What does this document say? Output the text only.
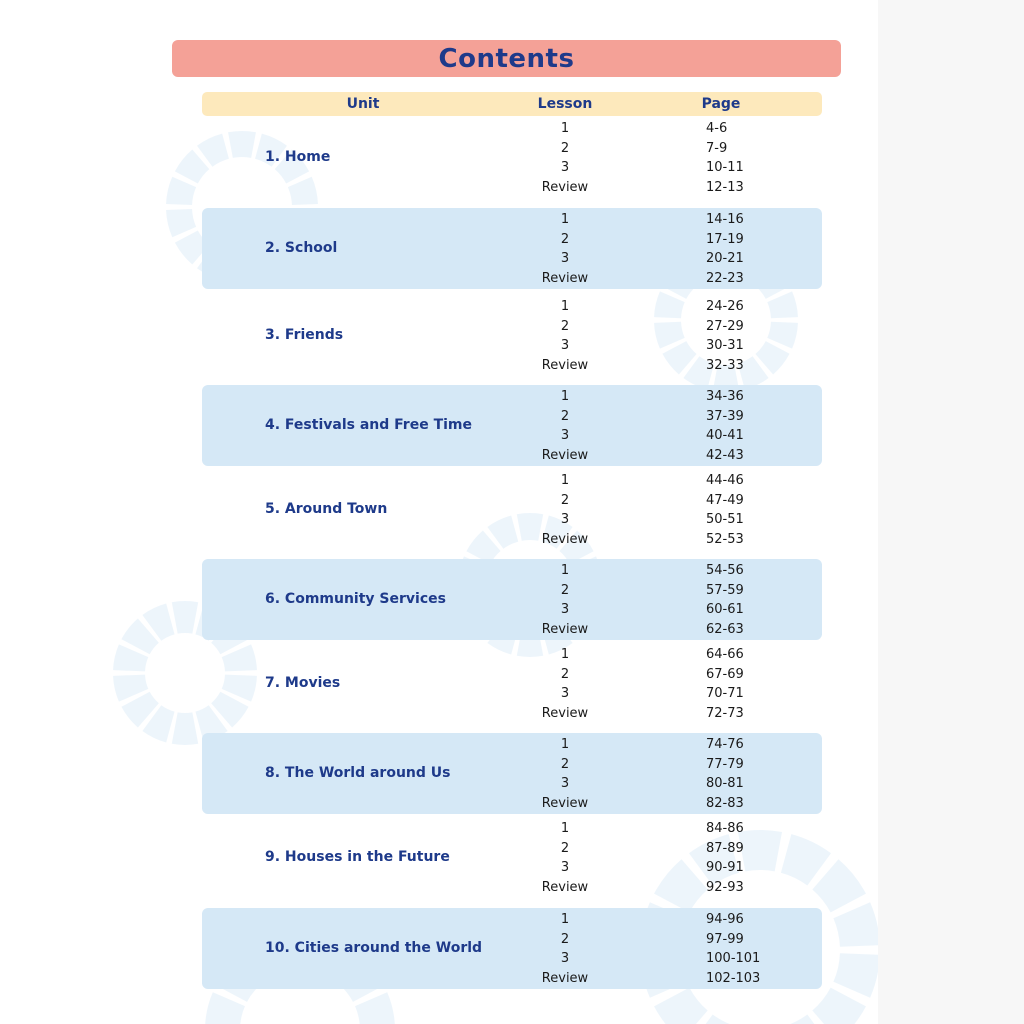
Contents
Unit	Lesson	Page
1. Home
1	4-6
2	7-9
3	10-11
Review	12-13
2. School
1	14-16
2	17-19
3	20-21
Review	22-23
3. Friends
1	24-26
2	27-29
3	30-31
Review	32-33
4. Festivals and Free Time
1	34-36
2	37-39
3	40-41
Review	42-43
5. Around Town
1	44-46
2	47-49
3	50-51
Review	52-53
6. Community Services
1	54-56
2	57-59
3	60-61
Review	62-63
7. Movies
1	64-66
2	67-69
3	70-71
Review	72-73
8. The World around Us
1	74-76
2	77-79
3	80-81
Review	82-83
9. Houses in the Future
1	84-86
2	87-89
3	90-91
Review	92-93
10. Cities around the World
1	94-96
2	97-99
3	100-101
Review	102-103
